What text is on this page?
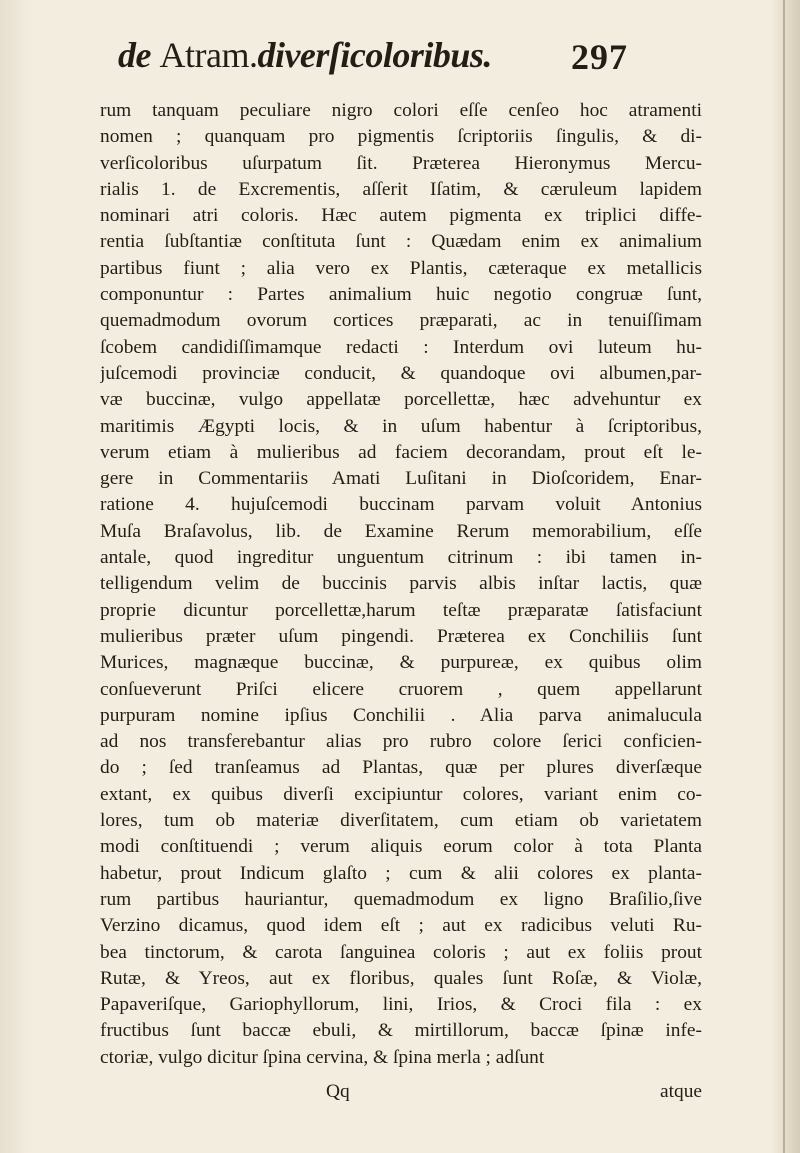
de Atram.diverſicoloribus. 297
rum tanquam peculiare nigro colori eſſe cenſeo hoc atramenti
nomen ; quanquam pro pigmentis ſcriptoriis ſingulis, & di-
verſicoloribus uſurpatum ſit. Præterea Hieronymus Mercu-
rialis 1. de Excrementis, aſſerit Iſatim, & cæruleum lapidem
nominari atri coloris. Hæc autem pigmenta ex triplici diffe-
rentia ſubſtantiæ conſtituta ſunt : Quædam enim ex animalium
partibus fiunt ; alia vero ex Plantis, cæteraque ex metallicis
componuntur : Partes animalium huic negotio congruæ ſunt,
quemadmodum ovorum cortices præparati, ac in tenuiſſimam
ſcobem candidiſſimamque redacti : Interdum ovi luteum hu-
juſcemodi provinciæ conducit, & quandoque ovi albumen,par-
væ buccinæ, vulgo appellatæ porcellettæ, hæc advehuntur ex
maritimis Ægypti locis, & in uſum habentur à ſcriptoribus,
verum etiam à mulieribus ad faciem decorandam, prout eſt le-
gere in Commentariis Amati Luſitani in Dioſcoridem, Enar-
ratione 4. hujuſcemodi buccinam parvam voluit Antonius
Muſa Braſavolus, lib. de Examine Rerum memorabilium, eſſe
antale, quod ingreditur unguentum citrinum : ibi tamen in-
telligendum velim de buccinis parvis albis inſtar lactis, quæ
proprie dicuntur porcellettæ,harum teſtæ præparatæ ſatisfaciunt
mulieribus præter uſum pingendi. Præterea ex Conchiliis ſunt
Murices, magnæque buccinæ, & purpureæ, ex quibus olim
conſueverunt Priſci elicere cruorem , quem appellarunt
purpuram nomine ipſius Conchilii . Alia parva animalucula
ad nos transferebantur alias pro rubro colore ſerici conficien-
do ; ſed tranſeamus ad Plantas, quæ per plures diverſæque
extant, ex quibus diverſi excipiuntur colores, variant enim co-
lores, tum ob materiæ diverſitatem, cum etiam ob varietatem
modi conſtituendi ; verum aliquis eorum color à tota Planta
habetur, prout Indicum glaſto ; cum & alii colores ex planta-
rum partibus hauriantur, quemadmodum ex ligno Braſilio,ſive
Verzino dicamus, quod idem eſt ; aut ex radicibus veluti Ru-
bea tinctorum, & carota ſanguinea coloris ; aut ex foliis prout
Rutæ, & Yreos, aut ex floribus, quales ſunt Roſæ, & Violæ,
Papaveriſque, Gariophyllorum, lini, Irios, & Croci fila : ex
fructibus ſunt baccæ ebuli, & mirtillorum, baccæ ſpinæ infe-
ctoriæ, vulgo dicitur ſpina cervina, & ſpina merla ; adſunt
Qq	atque
